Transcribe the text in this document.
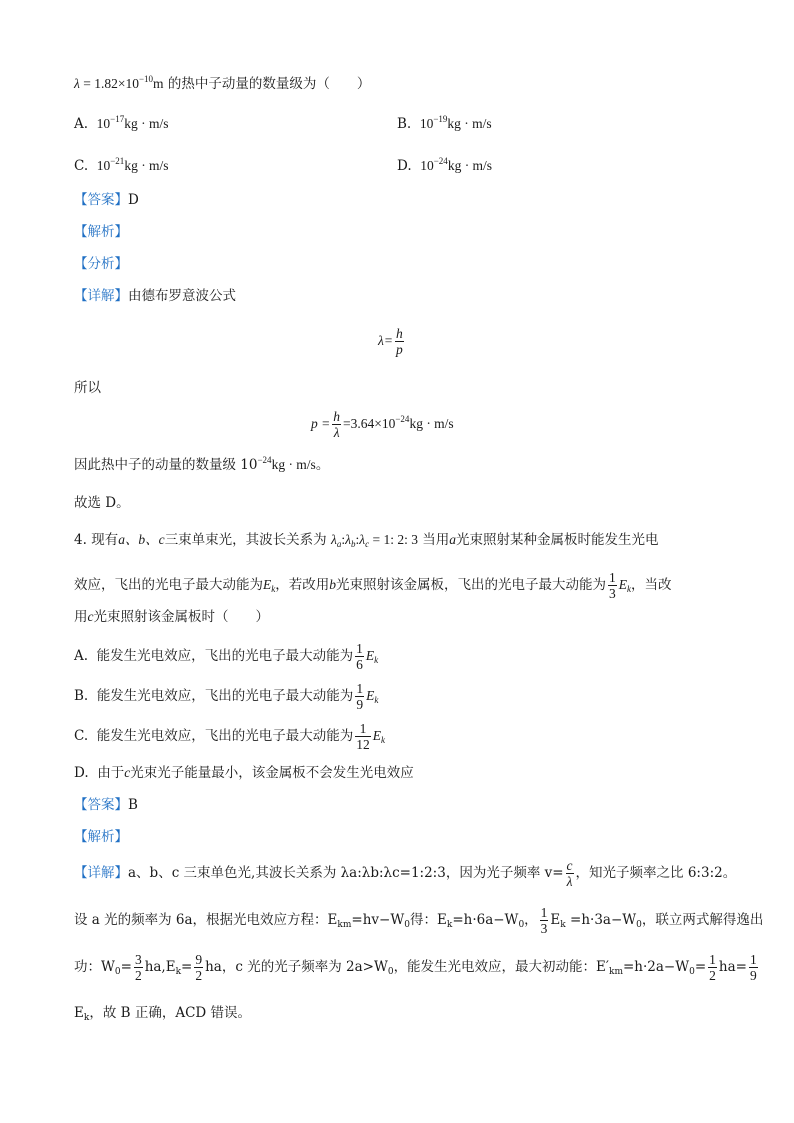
$\lambda = 1.82\times 10^{-10}m$ 的热中子动量的数量级为（　　）
A. $10^{-17}kg \cdot m/s$	B. $10^{-19}kg \cdot m/s$
C. $10^{-21}kg \cdot m/s$	D. $10^{-24}kg \cdot m/s$
【答案】D
【解析】
【分析】
【详解】由德布罗意波公式
$\lambda= \frac{h}{p}$
所以
$p = \frac{h}{\lambda} =3.64\times 10^{-24}kg \cdot m/s$
因此热中子的动量的数量级 $10^{-24}kg \cdot m/s$。
故选 D。
4. 现有a、b、c三束单束光，其波长关系为 $\lambda_a:\lambda_b:\lambda_c = 1$: 2: 3 当用a光束照射某种金属板时能发生光电
效应，飞出的光电子最大动能为$E_k$，若改用b光束照射该金属板，飞出的光电子最大动能为 $\frac{1}{3} E_k$，当改
用c光束照射该金属板时（　　）
A. 能发生光电效应，飞出的光电子最大动能为 $\frac{1}{6} E_k$
B. 能发生光电效应，飞出的光电子最大动能为 $\frac{1}{9} E_k$
C. 能发生光电效应，飞出的光电子最大动能为 $\frac{1}{12} E_k$
D. 由于c光束光子能量最小，该金属板不会发生光电效应
【答案】B
【解析】
【详解】a、b、c 三束单色光,其波长关系为 λa:λb:λc=1:2:3，因为光子频率 $v= \frac{c}{\lambda}$ ，知光子频率之比 6:3:2。
设 a 光的频率为 6a，根据光电效应方程：$E_{km}=hv-W_0$得：$E_k=h\cdot 6a-W_0$， $\frac{1}{3} E_k =h\cdot 3a-W_0$，联立两式解得逸出
功：$W_0= \frac{3}{2} ha,E_k= \frac{9}{2}$ ha，c 光的光子频率为 $2a>W_0$，能发生光电效应，最大初动能：$E'_{km}=h\cdot 2a-W_0= \frac{1}{2} ha= \frac{1}{9}$
$E_k$，故 B 正确，ACD 错误。
